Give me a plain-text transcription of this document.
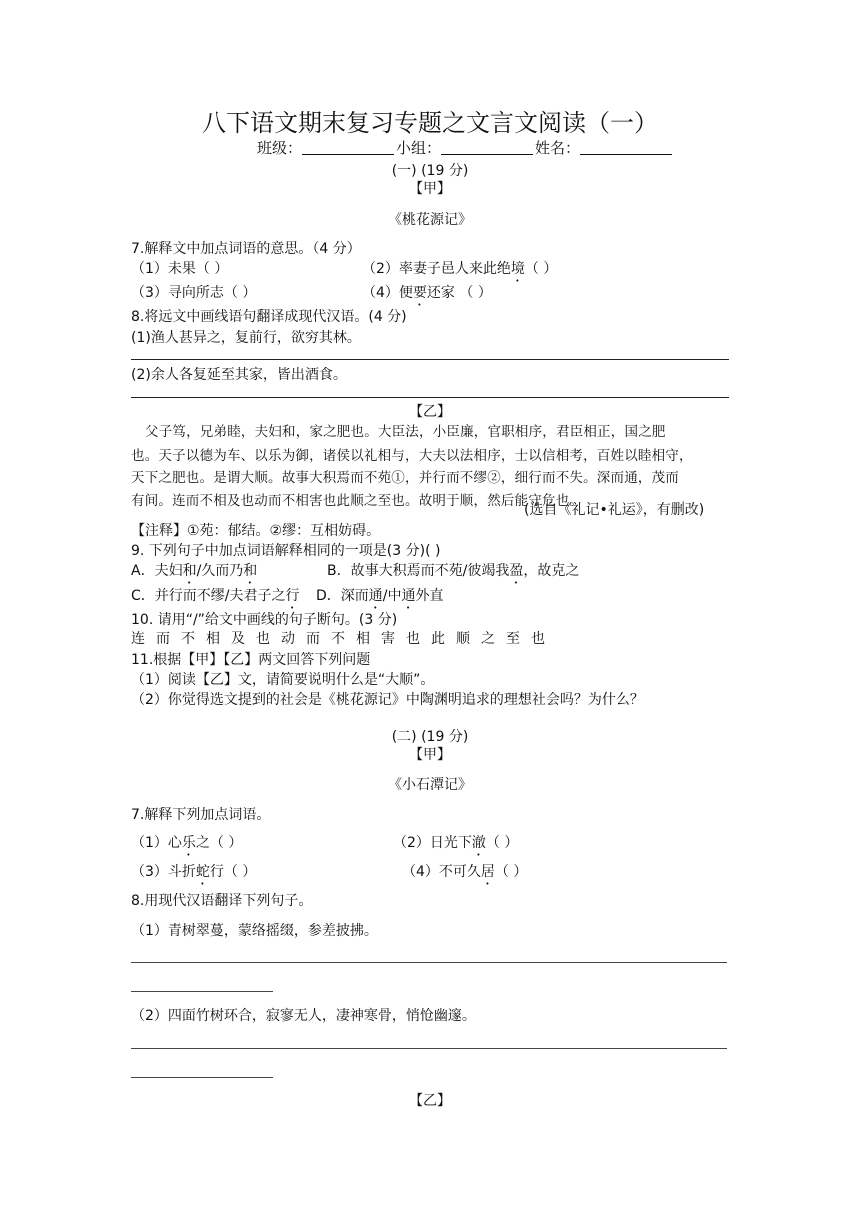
八下语文期末复习专题之文言文阅读（一）
班级：	小组：	姓名：
(一) (19 分)
【甲】
《桃花源记》
7.解释文中加点词语的意思。（4 分）
（1）未果（ ）	（2）率妻子邑人来此绝境（ ）
（3）寻向所志（ ）	（4）便要还家 （ ）
8.将远文中画线语句翻译成现代汉语。(4 分)
(1)渔人甚异之，复前行，欲穷其林。
(2)余人各复延至其家，皆出酒食。
【乙】
父子笃，兄弟睦，夫妇和，家之肥也。大臣法，小臣廉，官职相序，君臣相正，国之肥
也。天子以德为车、以乐为御，诸侯以礼相与，大夫以法相序，士以信相考，百姓以睦相守，
天下之肥也。是谓大顺。故事大积焉而不苑①，并行而不缪②，细行而不失。深而通，茂而
有间。连而不相及也动而不相害也此顺之至也。故明于顺，然后能守危也。
(选自《礼记•礼运》，有删改)
【注释】①苑：郁结。②缪：互相妨碍。
9. 下列句子中加点词语解释相同的一项是(3 分)( )
A．夫妇和/久而乃和	B．故事大积焉而不苑/彼竭我盈，故克之
C．并行而不缪/夫君子之行 D．深而通/中通外直
10. 请用“/”给文中画线的句子断句。(3 分)
连而不相及也动而不相害也此顺之至也
11.根据【甲】【乙】两文回答下列问题
（1）阅读【乙】文，请简要说明什么是“大顺”。
（2）你觉得选文提到的社会是《桃花源记》中陶渊明追求的理想社会吗？为什么？
(二) (19 分)
【甲】
《小石潭记》
7.解释下列加点词语。
（1）心乐之（ ）	（2）日光下澈（ ）
（3）斗折蛇行（ ）	（4）不可久居（ ）
8.用现代汉语翻译下列句子。
（1）青树翠蔓，蒙络摇缀，参差披拂。
（2）四面竹树环合，寂寥无人，凄神寒骨，悄怆幽邃。
【乙】
